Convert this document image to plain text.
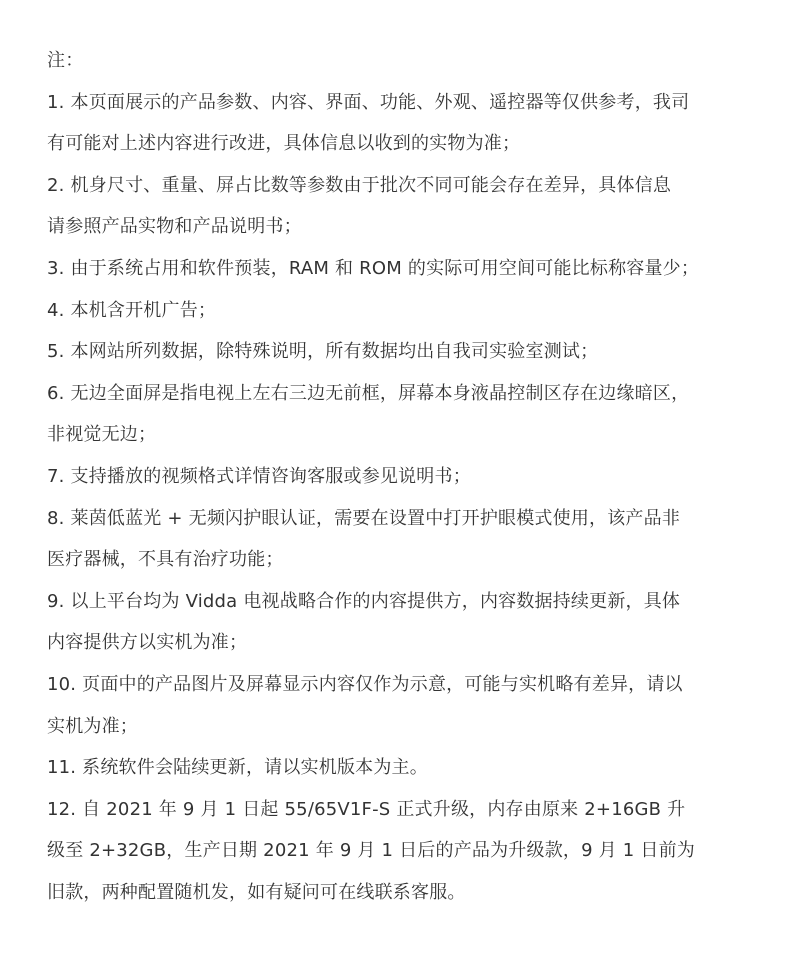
注：
1. 本页面展示的产品参数、内容、界面、功能、外观、遥控器等仅供参考，我司
有可能对上述内容进行改进，具体信息以收到的实物为准；
2. 机身尺寸、重量、屏占比数等参数由于批次不同可能会存在差异，具体信息
请参照产品实物和产品说明书；
3. 由于系统占用和软件预装，RAM 和 ROM 的实际可用空间可能比标称容量少；
4. 本机含开机广告；
5. 本网站所列数据，除特殊说明，所有数据均出自我司实验室测试；
6. 无边全面屏是指电视上左右三边无前框，屏幕本身液晶控制区存在边缘暗区，
非视觉无边；
7. 支持播放的视频格式详情咨询客服或参见说明书；
8. 莱茵低蓝光 + 无频闪护眼认证，需要在设置中打开护眼模式使用，该产品非
医疗器械，不具有治疗功能；
9. 以上平台均为 Vidda 电视战略合作的内容提供方，内容数据持续更新，具体
内容提供方以实机为准；
10. 页面中的产品图片及屏幕显示内容仅作为示意，可能与实机略有差异，请以
实机为准；
11. 系统软件会陆续更新，请以实机版本为主。
12. 自 2021 年 9 月 1 日起 55/65V1F-S 正式升级，内存由原来 2+16GB 升
级至 2+32GB，生产日期 2021 年 9 月 1 日后的产品为升级款，9 月 1 日前为
旧款，两种配置随机发，如有疑问可在线联系客服。
